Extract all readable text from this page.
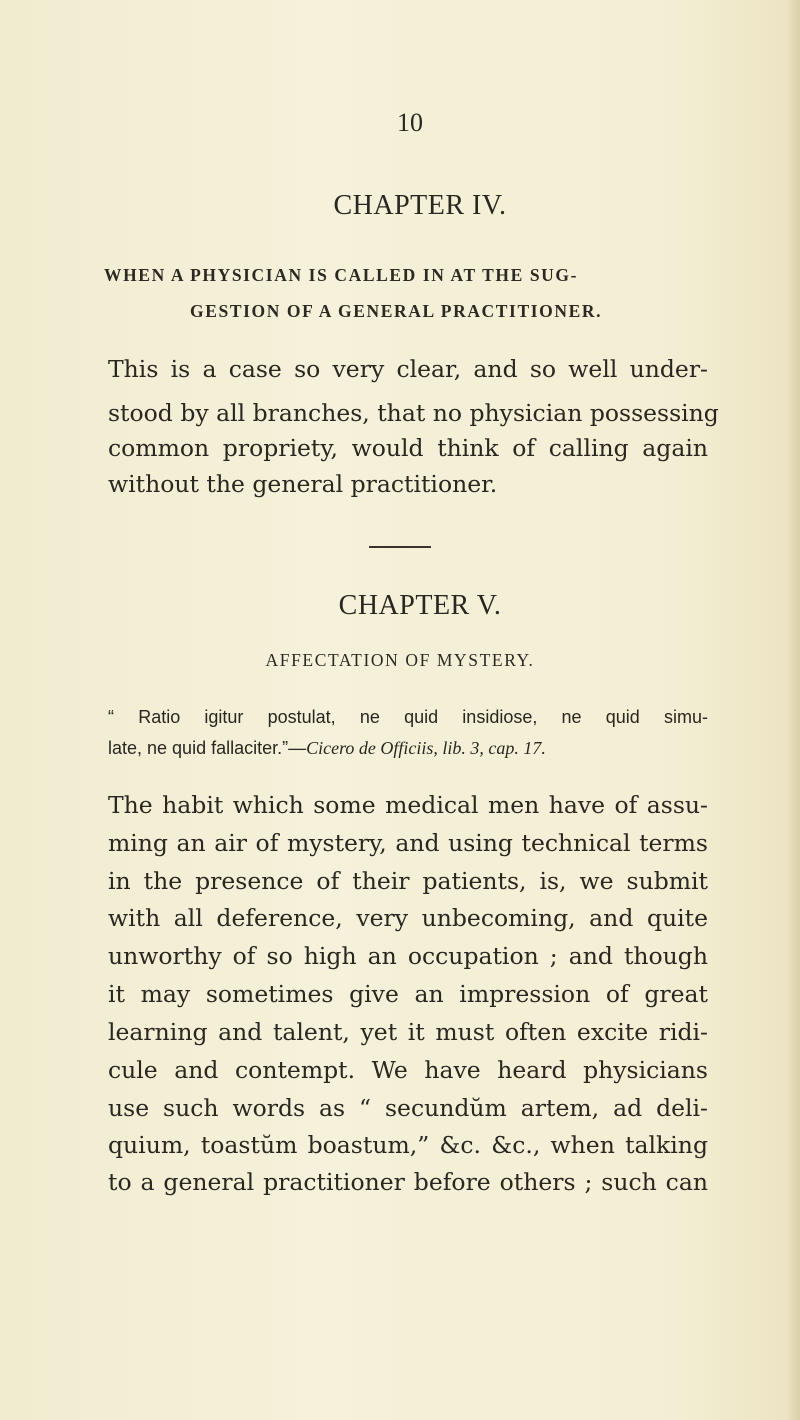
10
CHAPTER IV.
WHEN A PHYSICIAN IS CALLED IN AT THE SUG-
GESTION OF A GENERAL PRACTITIONER.
This is a case so very clear, and so well under-
stood by all branches, that no physician possessing
common propriety, would think of calling again
without the general practitioner.
CHAPTER V.
AFFECTATION OF MYSTERY.
“ Ratio igitur postulat, ne quid insidiose, ne quid simu-
late, ne quid fallaciter.”—Cicero de Officiis, lib. 3, cap. 17.
The habit which some medical men have of assu-
ming an air of mystery, and using technical terms
in the presence of their patients, is, we submit
with all deference, very unbecoming, and quite
unworthy of so high an occupation ; and though
it may sometimes give an impression of great
learning and talent, yet it must often excite ridi-
cule and contempt. We have heard physicians
use such words as “ secundŭm artem, ad deli-
quium, toastŭm boastum,” &c. &c., when talking
to a general practitioner before others ; such can
